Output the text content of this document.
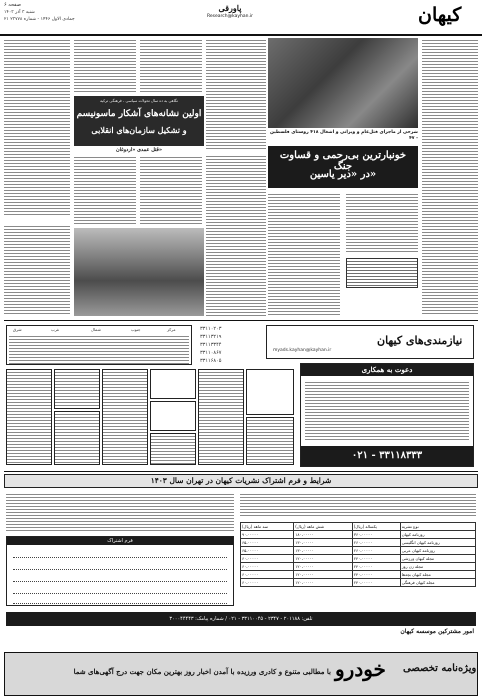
صفحه ۶
شنبه ۳ آذر ۱۴۰۳
۲۱ جمادی الاول ۱۴۴۶ - شماره ۲۳۷۷۸
پاورقی
Research@kayhan.ir	کیهان
نگاهی به ده سال تحولات سیاسی - فرهنگی ترکیه
اولین نشانه‌های آشکار ماسونیسم
و تشکیل سازمان‌های انقلابی
قتل عمدی «اردوغان»
شرحی از ماجرای قتل‌عام و ویرانی و اشغال ۴۱۸ روستای فلسطین - ۴۷
خونبارترین بی‌رحمی و قساوت جنگ
در «دیر یاسین»
شرق	غرب	شمال	جنوب	مرکز	۳۳۱۱۰۲۰۳
۳۳۱۱۳۲۱۹
۳۳۱۱۳۳۴۴
۳۳۱۱۰۸۶۷
۳۳۱۱۶۸۰۵
نیازمندی‌های کیهان
myads.kayhan@kayhan.ir
دعوت به همکاری
۰۲۱ - ۳۳۱۱۸۳۳۳
شرایط و فرم اشتراک نشریات کیهان در تهران سال ۱۴۰۳
سه ماهه (ریال)	شش ماهه (ریال)	یکساله (ریال)	نوع نشریه
۹۰،۰۰۰۰۰	۱۸۰،۰۰۰۰۰	۳۶۰،۰۰۰۰۰	روزنامه کیهان
۶۵،۰۰۰۰۰	۱۳۰،۰۰۰۰۰	۲۶۰،۰۰۰۰۰	روزنامه کیهان انگلیسی
۶۵،۰۰۰۰۰	۱۳۰،۰۰۰۰۰	۲۶۰،۰۰۰۰۰	روزنامه کیهان عربی
۶۰،۰۰۰۰۰	۱۲۰،۰۰۰۰۰	۲۴۰،۰۰۰۰۰	مجله کیهان ورزشی
۶۰،۰۰۰۰۰	۱۲۰،۰۰۰۰۰	۲۴۰،۰۰۰۰۰	مجله زن روز
۶۰،۰۰۰۰۰	۱۲۰،۰۰۰۰۰	۲۴۰،۰۰۰۰۰	مجله کیهان بچه‌ها
۶۰،۰۰۰۰۰	۱۲۰،۰۰۰۰۰	۲۴۰،۰۰۰۰۰	مجله کیهان فرهنگی
فرم اشتراک
تلفن: ۲۰۱۱۸۸ - ۲۳۴۷ - ۳۳۱۱۰۰۴۵ - ۰۲۱ / شماره پیامک: ۳۰۰۰۴۴۴۴۳
امور مشترکین موسسه کیهان
ویژه‌نامه تخصصی
خودرو
با مطالبی متنوع و کادری ورزیده با آمدن اخبار روز بهترین مکان جهت درج آگهی‌های شما
